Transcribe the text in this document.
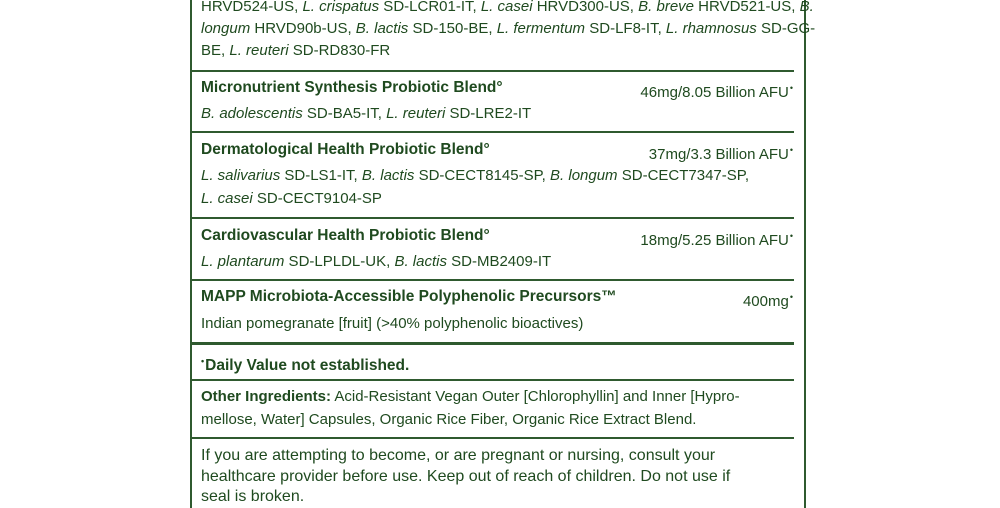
HRVD524-US, L. crispatus SD-LCR01-IT, L. casei HRVD300-US, B. breve HRVD521-US, B.
longum HRVD90b-US, B. lactis SD-150-BE, L. fermentum SD-LF8-IT, L. rhamnosus SD-GG-
BE, L. reuteri SD-RD830-FR
Micronutrient Synthesis Probiotic Blend°	46mg/8.05 Billion AFU•
B. adolescentis SD-BA5-IT, L. reuteri SD-LRE2-IT
Dermatological Health Probiotic Blend°	37mg/3.3 Billion AFU•
L. salivarius SD-LS1-IT, B. lactis SD-CECT8145-SP, B. longum SD-CECT7347-SP,
L. casei SD-CECT9104-SP
Cardiovascular Health Probiotic Blend°	18mg/5.25 Billion AFU•
L. plantarum SD-LPLDL-UK, B. lactis SD-MB2409-IT
MAPP Microbiota-Accessible Polyphenolic Precursors™	400mg•
Indian pomegranate [fruit] (>40% polyphenolic bioactives)
•Daily Value not established.
Other Ingredients: Acid-Resistant Vegan Outer [Chlorophyllin] and Inner [Hypro-
mellose, Water] Capsules, Organic Rice Fiber, Organic Rice Extract Blend.
If you are attempting to become, or are pregnant or nursing, consult your
healthcare provider before use. Keep out of reach of children. Do not use if
seal is broken.
